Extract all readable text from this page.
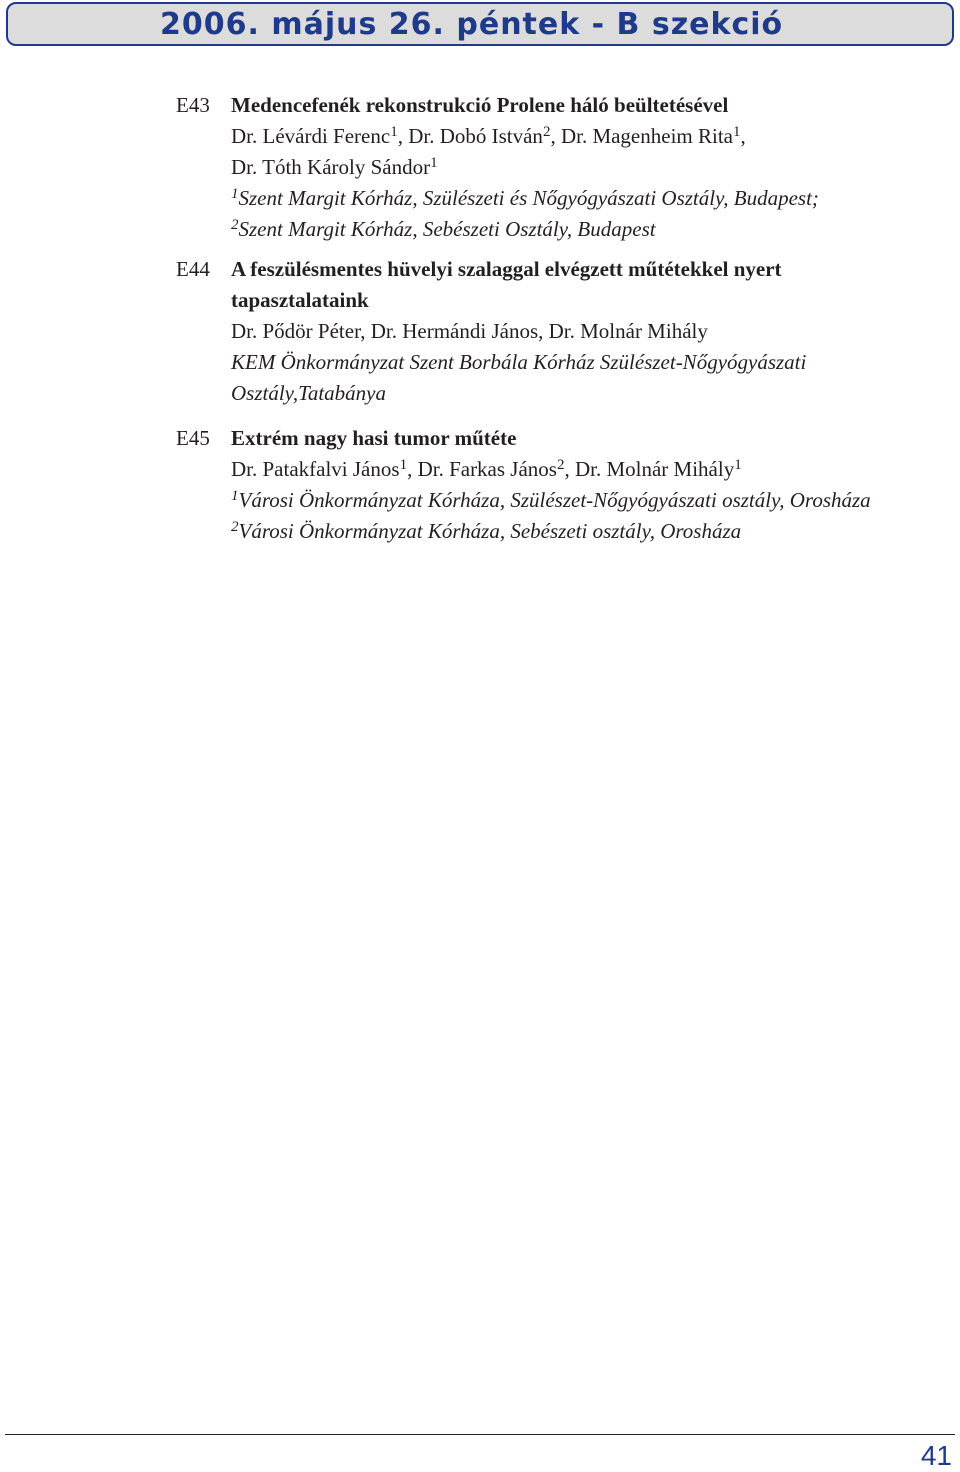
2006. május 26. péntek - B szekció
E43 Medencefenék rekonstrukció Prolene háló beültetésével
Dr. Lévárdi Ferenc$^1$, Dr. Dobó István$^2$, Dr. Magenheim Rita$^1$,
Dr. Tóth Károly Sándor$^1$
$^1$Szent Margit Kórház, Szülészeti és Nőgyógyászati Osztály, Budapest;
$^2$Szent Margit Kórház, Sebészeti Osztály, Budapest
E44 A feszülésmentes hüvelyi szalaggal elvégzett műtétekkel nyert tapasztalataink
Dr. Pődör Péter, Dr. Hermándi János, Dr. Molnár Mihály
KEM Önkormányzat Szent Borbála Kórház Szülészet-Nőgyógyászati Osztály,Tatabánya
E45 Extrém nagy hasi tumor műtéte
Dr. Patakfalvi János$^1$, Dr. Farkas János$^2$, Dr. Molnár Mihály$^1$
$^1$Városi Önkormányzat Kórháza, Szülészet-Nőgyógyászati osztály, Orosháza
$^2$Városi Önkormányzat Kórháza, Sebészeti osztály, Orosháza
41
